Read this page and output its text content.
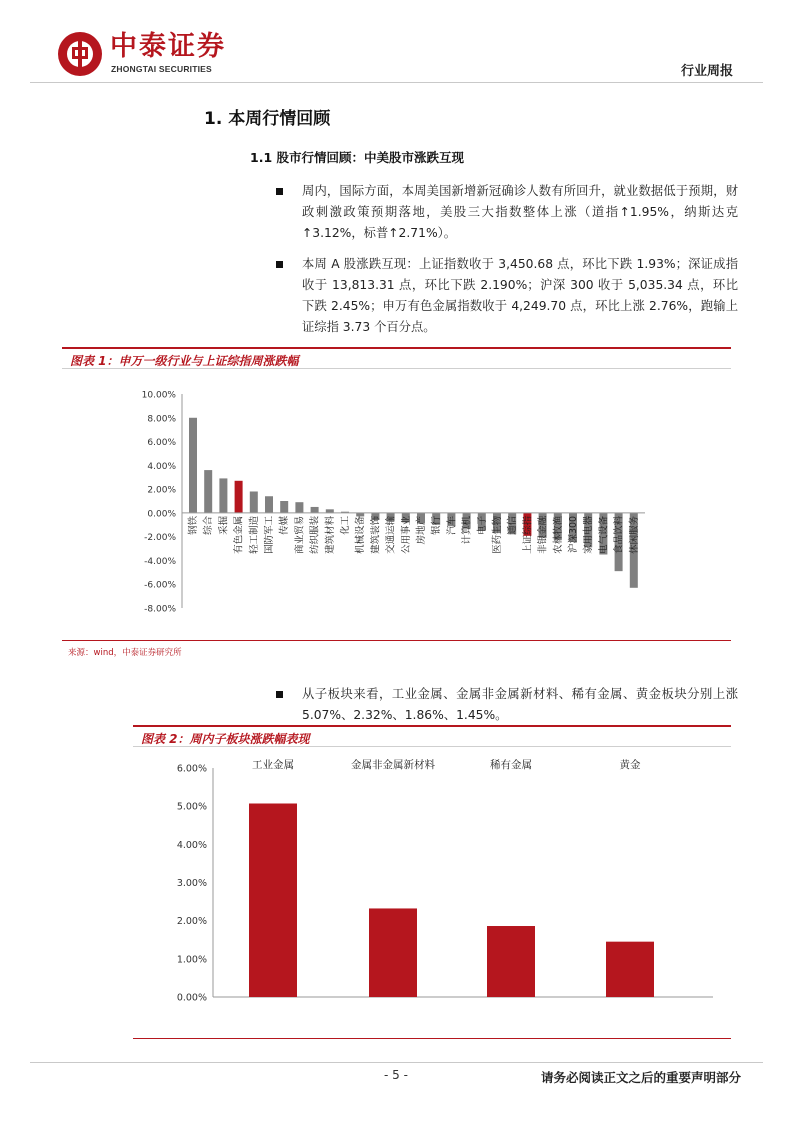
中泰证券
ZHONGTAI SECURITIES	行业周报
1. 本周行情回顾
1.1 股市行情回顾：中美股市涨跌互现
周内，国际方面，本周美国新增新冠确诊人数有所回升，就业数据低于预期，财政刺激政策预期落地，美股三大指数整体上涨（道指↑1.95%，纳斯达克↑3.12%，标普↑2.71%）。
本周 A 股涨跌互现：上证指数收于 3,450.68 点，环比下跌 1.93%；深证成指收于 13,813.31 点，环比下跌 2.190%；沪深 300 收于 5,035.34 点，环比下跌 2.45%；申万有色金属指数收于 4,249.70 点，环比上涨 2.76%，跑输上证综指 3.73 个百分点。
图表 1：申万一级行业与上证综指周涨跌幅
10.00%
8.00%
6.00%
4.00%
2.00%
0.00%
-2.00%
-4.00%
-6.00%
-8.00%
钢铁 综合 采掘 有色金属 轻工制造 国防军工 传媒 商业贸易 纺织服装 建筑材料 化工 机械设备 建筑装饰 交通运输 公用事业 房地产 银行 汽车 计算机 电子 医药生物 通信 上证综指 非银金融 农林牧渔 沪深300 家用电器 电气设备 食品饮料 休闲服务
来源：wind，中泰证券研究所
从子板块来看，工业金属、金属非金属新材料、稀有金属、黄金板块分别上涨 5.07%、2.32%、1.86%、1.45%。
图表 2：周内子板块涨跌幅表现
6.00%
5.00%
4.00%
3.00%
2.00%
1.00%
0.00%
工业金属	金属非金属新材料	稀有金属	黄金
- 5 -	请务必阅读正文之后的重要声明部分
